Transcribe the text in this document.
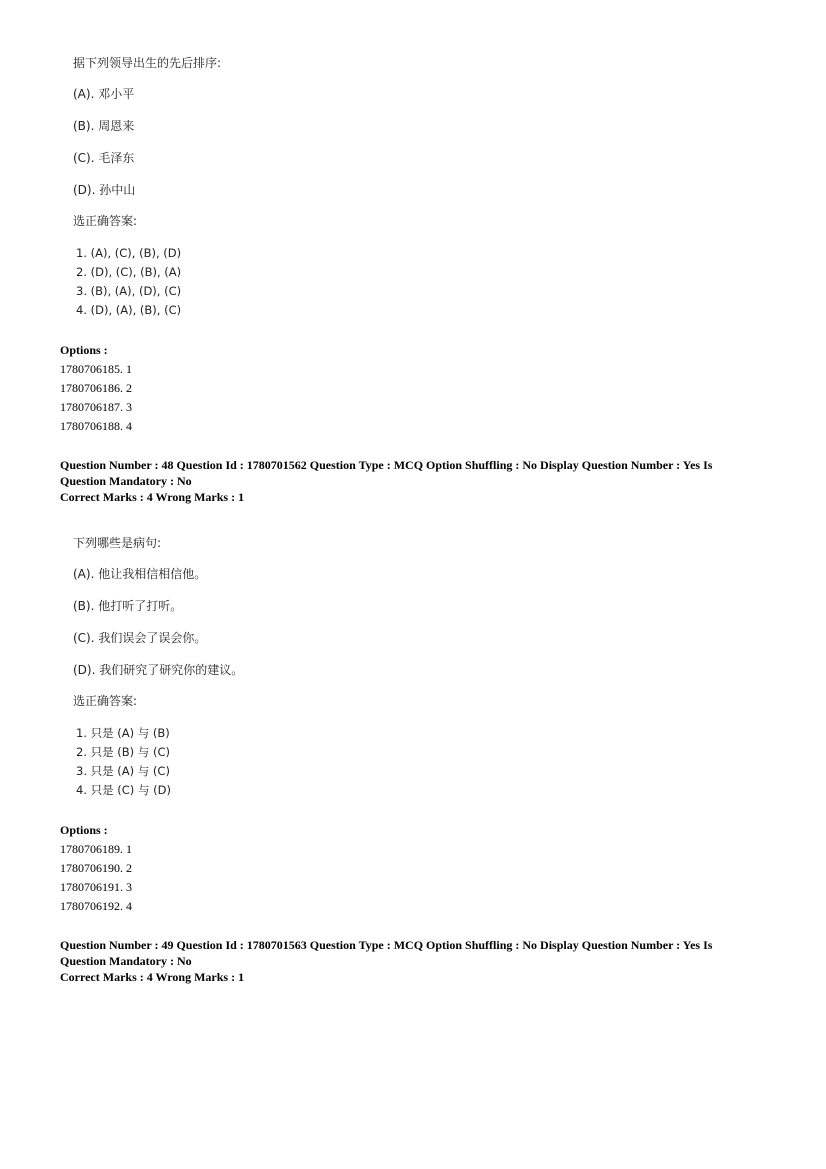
据下列领导出生的先后排序:
(A). 邓小平
(B). 周恩来
(C). 毛泽东
(D). 孙中山
选正确答案:
1. (A), (C), (B), (D)
2. (D), (C), (B), (A)
3. (B), (A), (D), (C)
4. (D), (A), (B), (C)
Options :
1780706185. 1
1780706186. 2
1780706187. 3
1780706188. 4
Question Number : 48 Question Id : 1780701562 Question Type : MCQ Option Shuffling : No Display Question Number : Yes Is
Question Mandatory : No
Correct Marks : 4 Wrong Marks : 1
下列哪些是病句:
(A). 他让我相信相信他。
(B). 他打听了打听。
(C). 我们误会了误会你。
(D). 我们研究了研究你的建议。
选正确答案:
1. 只是 (A) 与 (B)
2. 只是 (B) 与 (C)
3. 只是 (A) 与 (C)
4. 只是 (C) 与 (D)
Options :
1780706189. 1
1780706190. 2
1780706191. 3
1780706192. 4
Question Number : 49 Question Id : 1780701563 Question Type : MCQ Option Shuffling : No Display Question Number : Yes Is
Question Mandatory : No
Correct Marks : 4 Wrong Marks : 1
